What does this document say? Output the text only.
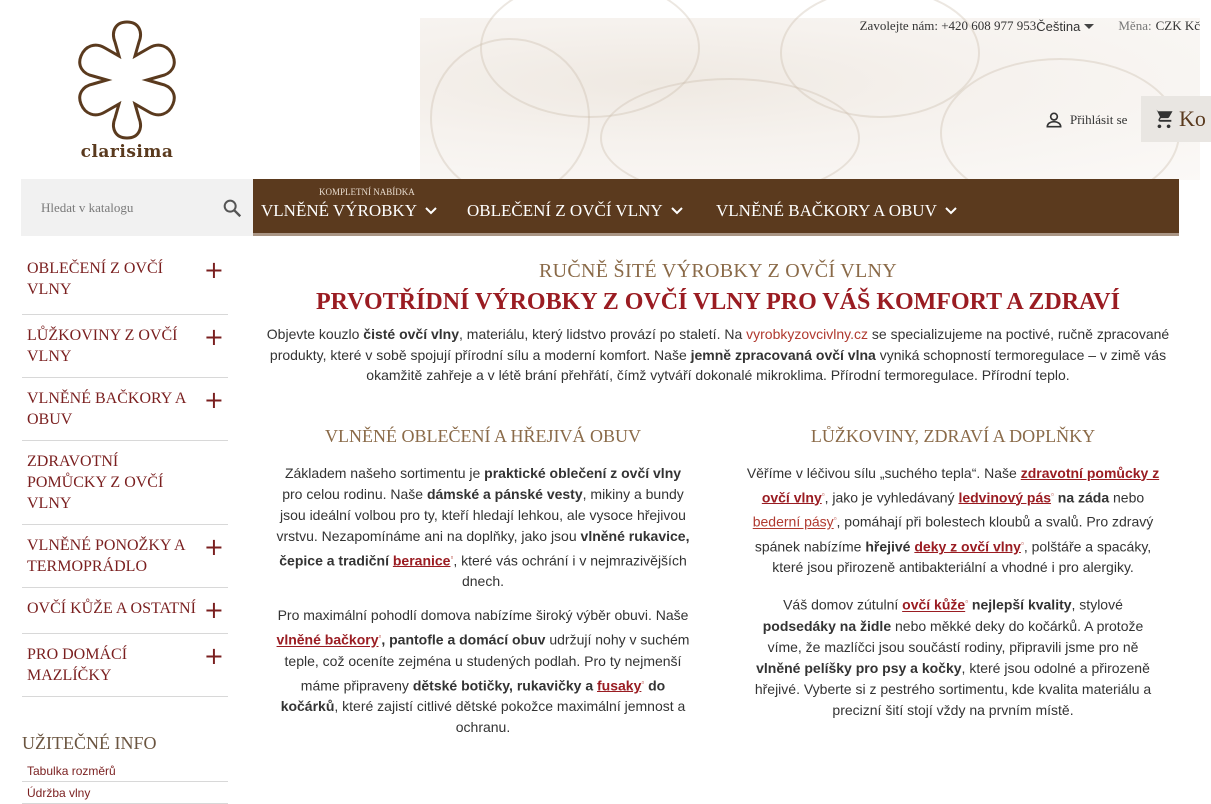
clarisima
Zavolejte nám: +420 608 977 953 Čeština	Měna: CZK Kč
Přihlásit se Ko
Hledat v katalogu
KOMPLETNÍ NABÍDKA
VLNĚNÉ VÝROBKY	OBLEČENÍ Z OVČÍ VLNY	VLNĚNÉ BAČKORY A OBUV
OBLEČENÍ Z OVČÍ VLNY
+
LŮŽKOVINY Z OVČÍ VLNY
+
VLNĚNÉ BAČKORY A OBUV
+
ZDRAVOTNÍ POMŮCKY Z OVČÍ VLNY
VLNĚNÉ PONOŽKY A TERMOPRÁDLO
+
OVČÍ KŮŽE A OSTATNÍ +
PRO DOMÁCÍ MAZLÍČKY
+
UŽITEČNÉ INFO
Tabulka rozměrů
Údržba vlny
RUČNĚ ŠITÉ VÝROBKY Z OVČÍ VLNY
PRVOTŘÍDNÍ VÝROBKY Z OVČÍ VLNY PRO VÁŠ KOMFORT A ZDRAVÍ

Objevte kouzlo čisté ovčí vlny, materiálu, který lidstvo provází po staletí. Na vyrobkyzovcivlny.cz se specializujeme na poctivé, ručně zpracované produkty, které v sobě spojují přírodní sílu a moderní komfort. Naše jemně zpracovaná ovčí vlna vyniká schopností termoregulace – v zimě vás okamžitě zahřeje a v létě brání přehřátí, čímž vytváří dokonalé mikroklima. Přírodní termoregulace. Přírodní teplo.

VLNĚNÉ OBLEČENÍ A HŘEJIVÁ OBUV

Základem našeho sortimentu je praktické oblečení z ovčí vlny pro celou rodinu. Naše dámské a pánské vesty, mikiny a bundy jsou ideální volbou pro ty, kteří hledají lehkou, ale vysoce hřejivou vrstvu. Nezapomínáme ani na doplňky, jako jsou vlněné rukavice, čepice a tradiční beranice▫, které vás ochrání i v nejmrazivějších dnech.

Pro maximální pohodlí domova nabízíme široký výběr obuvi. Naše vlněné bačkory▫, pantofle a domácí obuv udržují nohy v suchém teple, což oceníte zejména u studených podlah. Pro ty nejmenší máme připraveny dětské botičky, rukavičky a fusaky▫ do kočárků, které zajistí citlivé dětské pokožce maximální jemnost a ochranu.

LŮŽKOVINY, ZDRAVÍ A DOPLŇKY

Věříme v léčivou sílu „suchého tepla“. Naše zdravotní pomůcky z ovčí vlny▫, jako je vyhledávaný ledvinový pás▫ na záda nebo bederní pásy▫, pomáhají při bolestech kloubů a svalů. Pro zdravý spánek nabízíme hřejivé deky z ovčí vlny▫, polštáře a spacáky, které jsou přirozeně antibakteriální a vhodné i pro alergiky.

Váš domov zútulní ovčí kůže▫ nejlepší kvality, stylové podsedáky na židle nebo měkké deky do kočárků. A protože víme, že mazlíčci jsou součástí rodiny, připravili jsme pro ně vlněné pelíšky pro psy a kočky, které jsou odolné a přirozeně hřejivé. Vyberte si z pestrého sortimentu, kde kvalita materiálu a precizní šití stojí vždy na prvním místě.
